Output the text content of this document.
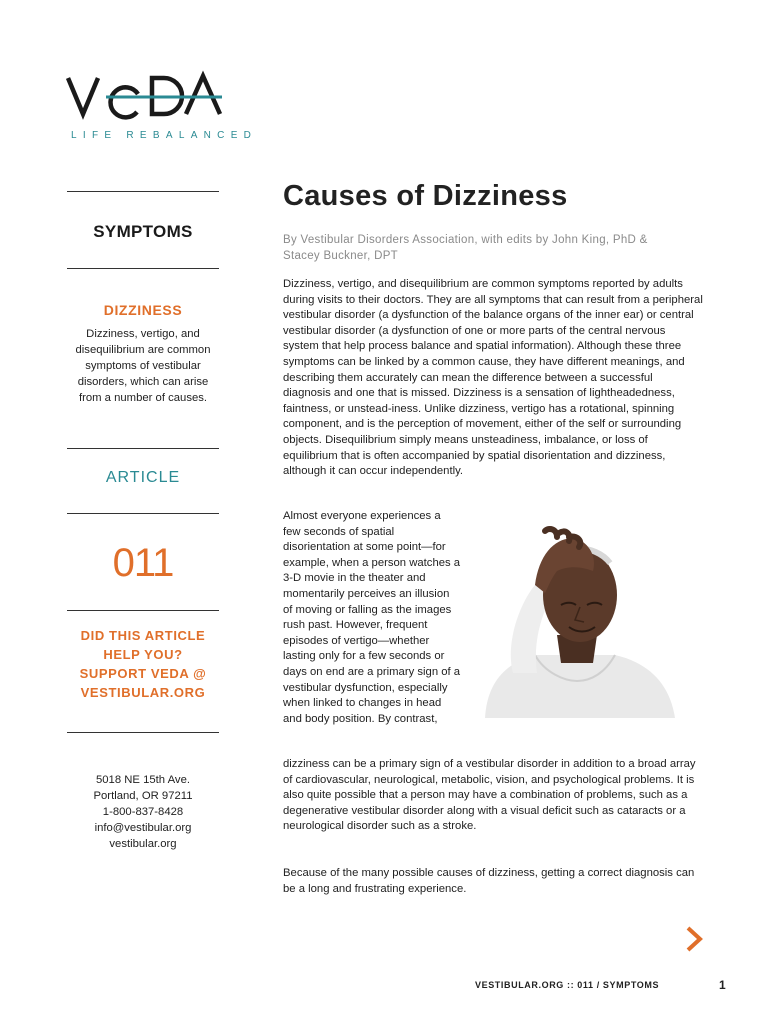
LIFE REBALANCED
SYMPTOMS
DIZZINESS
Dizziness, vertigo, and disequilibrium are common symptoms of vestibular disorders, which can arise from a number of causes.
ARTICLE
011
DID THIS ARTICLE
HELP YOU?
SUPPORT VEDA @
VESTIBULAR.ORG
5018 NE 15th Ave.
Portland, OR 97211
1-800-837-8428
info@vestibular.org
vestibular.org
Causes of Dizziness
By Vestibular Disorders Association, with edits by John King, PhD & Stacey Buckner, DPT

Dizziness, vertigo, and disequilibrium are common symptoms reported by adults during visits to their doctors. They are all symptoms that can result from a peripheral vestibular disorder (a dysfunction of the balance organs of the inner ear) or central vestibular disorder (a dysfunction of one or more parts of the central nervous system that help process balance and spatial information). Although these three symptoms can be linked by a common cause, they have different meanings, and describing them accurately can mean the difference between a successful diagnosis and one that is missed. Dizziness is a sensation of lightheadedness, faintness, or unstead-iness. Unlike dizziness, vertigo has a rotational, spinning component, and is the perception of movement, either of the self or surrounding objects. Disequilibrium simply means unsteadiness, imbalance, or loss of equilibrium that is often accompanied by spatial disorientation and dizziness, although it can occur independently.

Almost everyone experiences a few seconds of spatial disorientation at some point—for example, when a person watches a 3-D movie in the theater and momentarily perceives an illusion of moving or falling as the images rush past. However, frequent episodes of vertigo—whether lasting only for a few seconds or days on end are a primary sign of a vestibular dysfunction, especially when linked to changes in head and body position. By contrast,

dizziness can be a primary sign of a vestibular disorder in addition to a broad array of cardiovascular, neurological, metabolic, vision, and psychological problems. It is also quite possible that a person may have a combination of problems, such as a degenerative vestibular disorder along with a visual deficit such as cataracts or a neurological disorder such as a stroke.

Because of the many possible causes of dizziness, getting a correct diagnosis can be a long and frustrating experience.

VESTIBULAR.ORG :: 011 / SYMPTOMS	1
